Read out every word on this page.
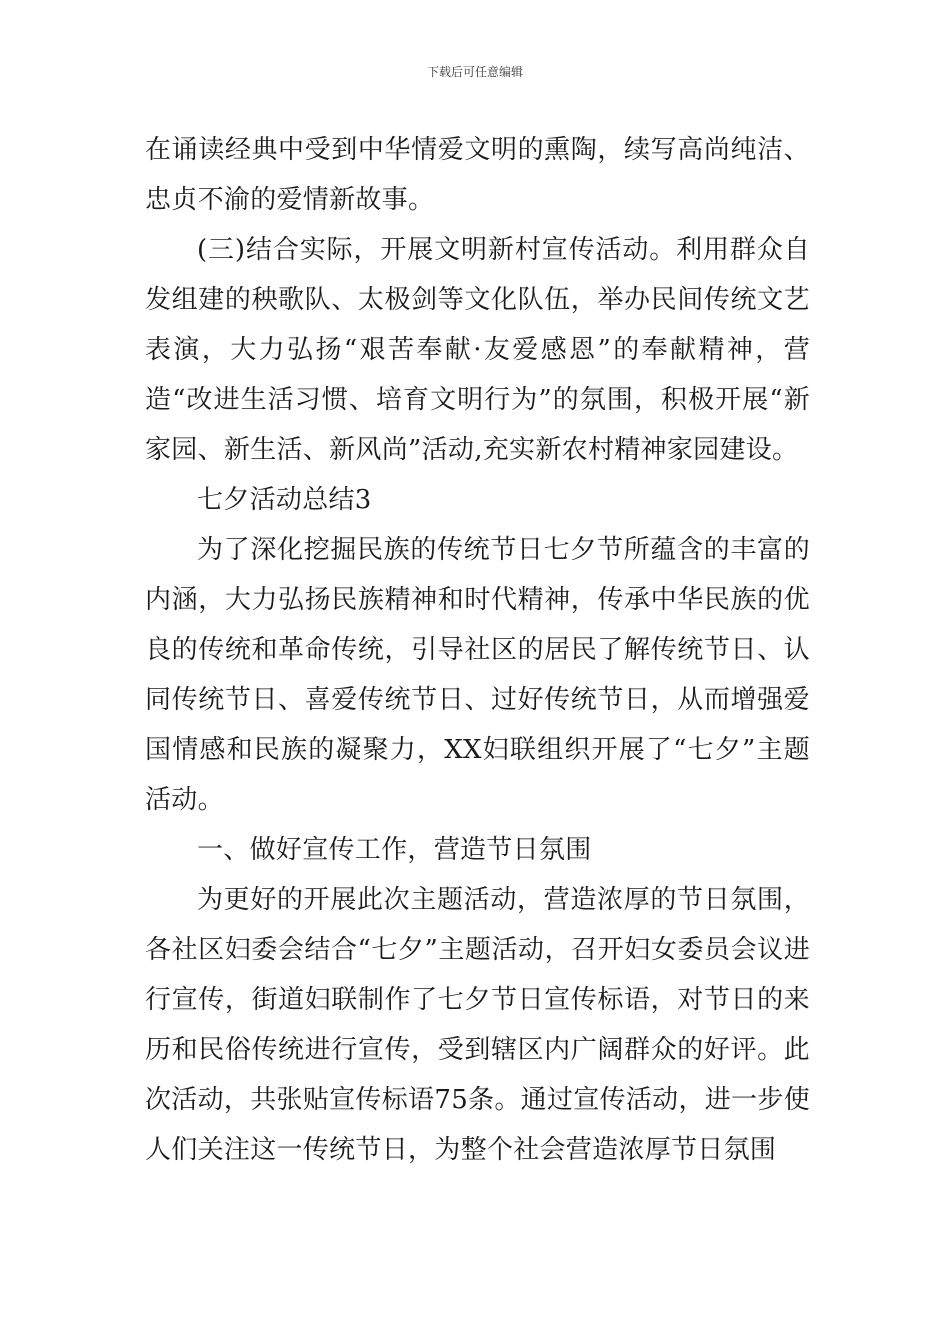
下载后可任意编辑

在诵读经典中受到中华情爱文明的熏陶，续写高尚纯洁、忠贞不渝的爱情新故事。

(三)结合实际，开展文明新村宣传活动。利用群众自发组建的秧歌队、太极剑等文化队伍，举办民间传统文艺表演，大力弘扬“艰苦奉献·友爱感恩”的奉献精神，营造“改进生活习惯、培育文明行为”的氛围，积极开展“新家园、新生活、新风尚”活动,充实新农村精神家园建设。

七夕活动总结3

为了深化挖掘民族的传统节日七夕节所蕴含的丰富的内涵，大力弘扬民族精神和时代精神，传承中华民族的优良的传统和革命传统，引导社区的居民了解传统节日、认同传统节日、喜爱传统节日、过好传统节日，从而增强爱国情感和民族的凝聚力，XX妇联组织开展了“七夕”主题活动。

一、做好宣传工作，营造节日氛围

为更好的开展此次主题活动，营造浓厚的节日氛围，各社区妇委会结合“七夕”主题活动，召开妇女委员会议进行宣传，街道妇联制作了七夕节日宣传标语，对节日的来历和民俗传统进行宣传，受到辖区内广阔群众的好评。此次活动，共张贴宣传标语75条。通过宣传活动，进一步使人们关注这一传统节日，为整个社会营造浓厚节日氛围
